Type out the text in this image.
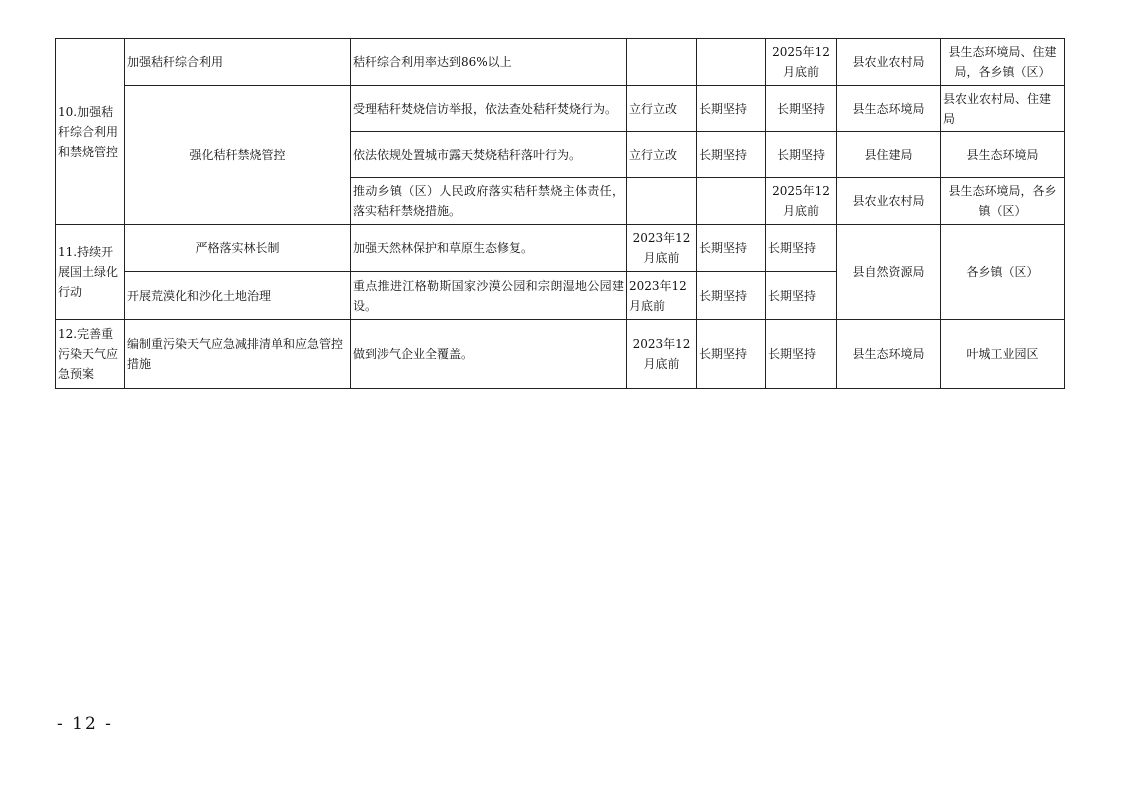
10.加强秸秆综合利用和禁烧管控	加强秸秆综合利用	秸秆综合利用率达到86%以上			2025年12月底前	县农业农村局	县生态环境局、住建局，各乡镇（区）
	强化秸秆禁烧管控	受理秸秆焚烧信访举报，依法查处秸秆焚烧行为。	立行立改	长期坚持	长期坚持	县生态环境局	县农业农村局、住建局
		依法依规处置城市露天焚烧秸秆落叶行为。	立行立改	长期坚持	长期坚持	县住建局	县生态环境局
		推动乡镇（区）人民政府落实秸秆禁烧主体责任，落实秸秆禁烧措施。			2025年12月底前	县农业农村局	县生态环境局，各乡镇（区）
11.持续开展国土绿化行动	严格落实林长制	加强天然林保护和草原生态修复。	2023年12月底前	长期坚持	长期坚持	县自然资源局	各乡镇（区）
	开展荒漠化和沙化土地治理	重点推进江格勒斯国家沙漠公园和宗朗湿地公园建设。	2023年12月底前	长期坚持	长期坚持		
12.完善重污染天气应急预案	编制重污染天气应急减排清单和应急管控措施	做到涉气企业全覆盖。	2023年12月底前	长期坚持	长期坚持	县生态环境局	叶城工业园区
- 12 -
